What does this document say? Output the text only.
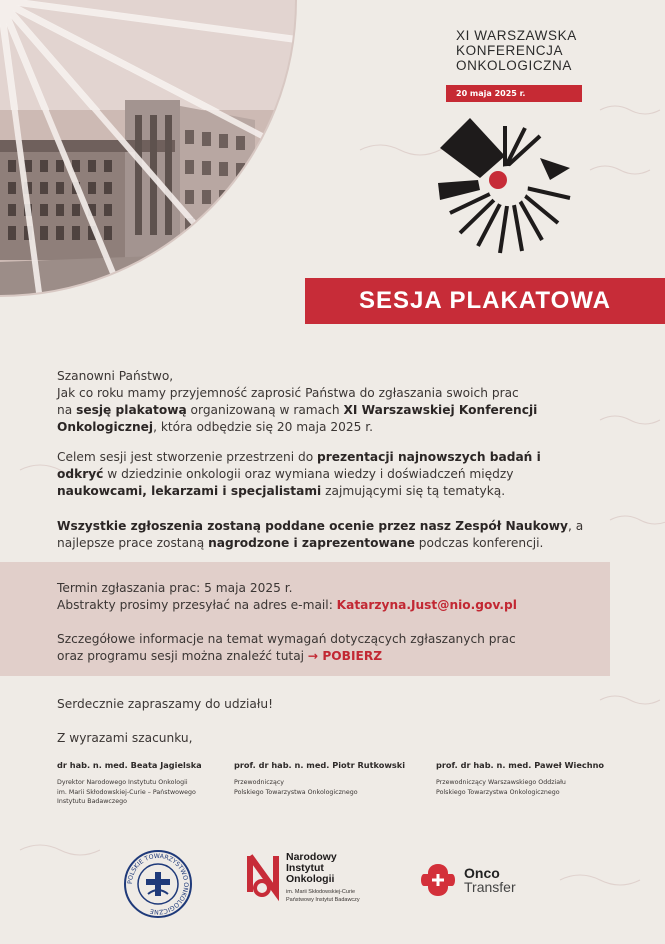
XI WARSZAWSKA
KONFERENCJA
ONKOLOGICZNA
20 maja 2025 r.
SESJA PLAKATOWA

Szanowni Państwo,

Jak co roku mamy przyjemność zaprosić Państwa do zgłaszania swoich prac
na sesję plakatową organizowaną w ramach XI Warszawskiej Konferencji Onkologicznej, która odbędzie się 20 maja 2025 r.

Celem sesji jest stworzenie przestrzeni do prezentacji najnowszych badań i odkryć w dziedzinie onkologii oraz wymiana wiedzy i doświadczeń między naukowcami, lekarzami i specjalistami zajmującymi się tą tematyką.

Wszystkie zgłoszenia zostaną poddane ocenie przez nasz Zespół Naukowy, a najlepsze prace zostaną nagrodzone i zaprezentowane podczas konferencji.

Termin zgłaszania prac: 5 maja 2025 r.

Abstrakty prosimy przesyłać na adres e-mail: Katarzyna.Just@nio.gov.pl

Szczegółowe informacje na temat wymagań dotyczących zgłaszanych prac

oraz programu sesji można znaleźć tutaj → POBIERZ

Serdecznie zapraszamy do udziału!
Z wyrazami szacunku,
dr hab. n. med. Beata Jagielska
Dyrektor Narodowego Instytutu Onkologii
im. Marii Skłodowskiej-Curie – Państwowego
Instytutu Badawczego
prof. dr hab. n. med. Piotr Rutkowski
Przewodniczący
Polskiego Towarzystwa Onkologicznego
prof. dr hab. n. med. Paweł Wiechno
Przewodniczący Warszawskiego Oddziału
Polskiego Towarzystwa Onkologicznego
POLSKIE TOWARZYSTWO ONKOLOGICZNE
Narodowy
Instytut
Onkologii
im. Marii Skłodowskiej-Curie
Państwowy Instytut Badawczy
Onco
Transfer
